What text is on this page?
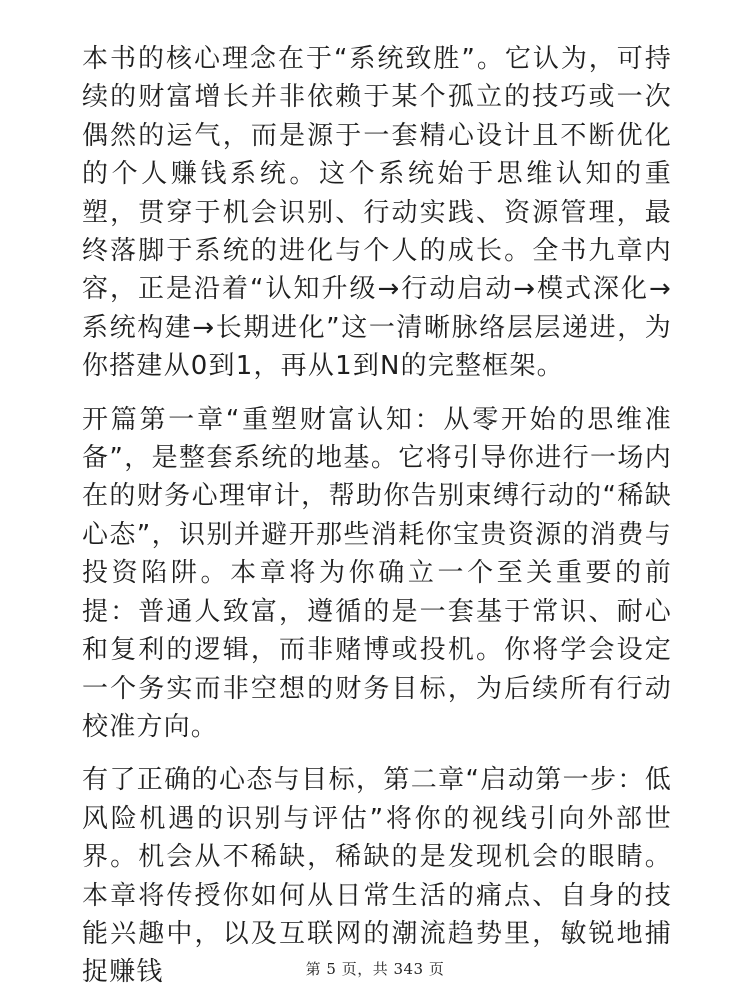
本书的核心理念在于“系统致胜”。它认为，可持续的财富增长并非依赖于某个孤立的技巧或一次偶然的运气，而是源于一套精心设计且不断优化的个人赚钱系统。这个系统始于思维认知的重塑，贯穿于机会识别、行动实践、资源管理，最终落脚于系统的进化与个人的成长。全书九章内容，正是沿着“认知升级→行动启动→模式深化→系统构建→长期进化”这一清晰脉络层层递进，为你搭建从0到1，再从1到N的完整框架。

开篇第一章“重塑财富认知：从零开始的思维准备”，是整套系统的地基。它将引导你进行一场内在的财务心理审计，帮助你告别束缚行动的“稀缺心态”，识别并避开那些消耗你宝贵资源的消费与投资陷阱。本章将为你确立一个至关重要的前提：普通人致富，遵循的是一套基于常识、耐心和复利的逻辑，而非赌博或投机。你将学会设定一个务实而非空想的财务目标，为后续所有行动校准方向。

有了正确的心态与目标，第二章“启动第一步：低风险机遇的识别与评估”将你的视线引向外部世界。机会从不稀缺，稀缺的是发现机会的眼睛。本章将传授你如何从日常生活的痛点、自身的技能兴趣中，以及互联网的潮流趋势里，敏锐地捕捉赚钱	第 5 页，共 343 页
